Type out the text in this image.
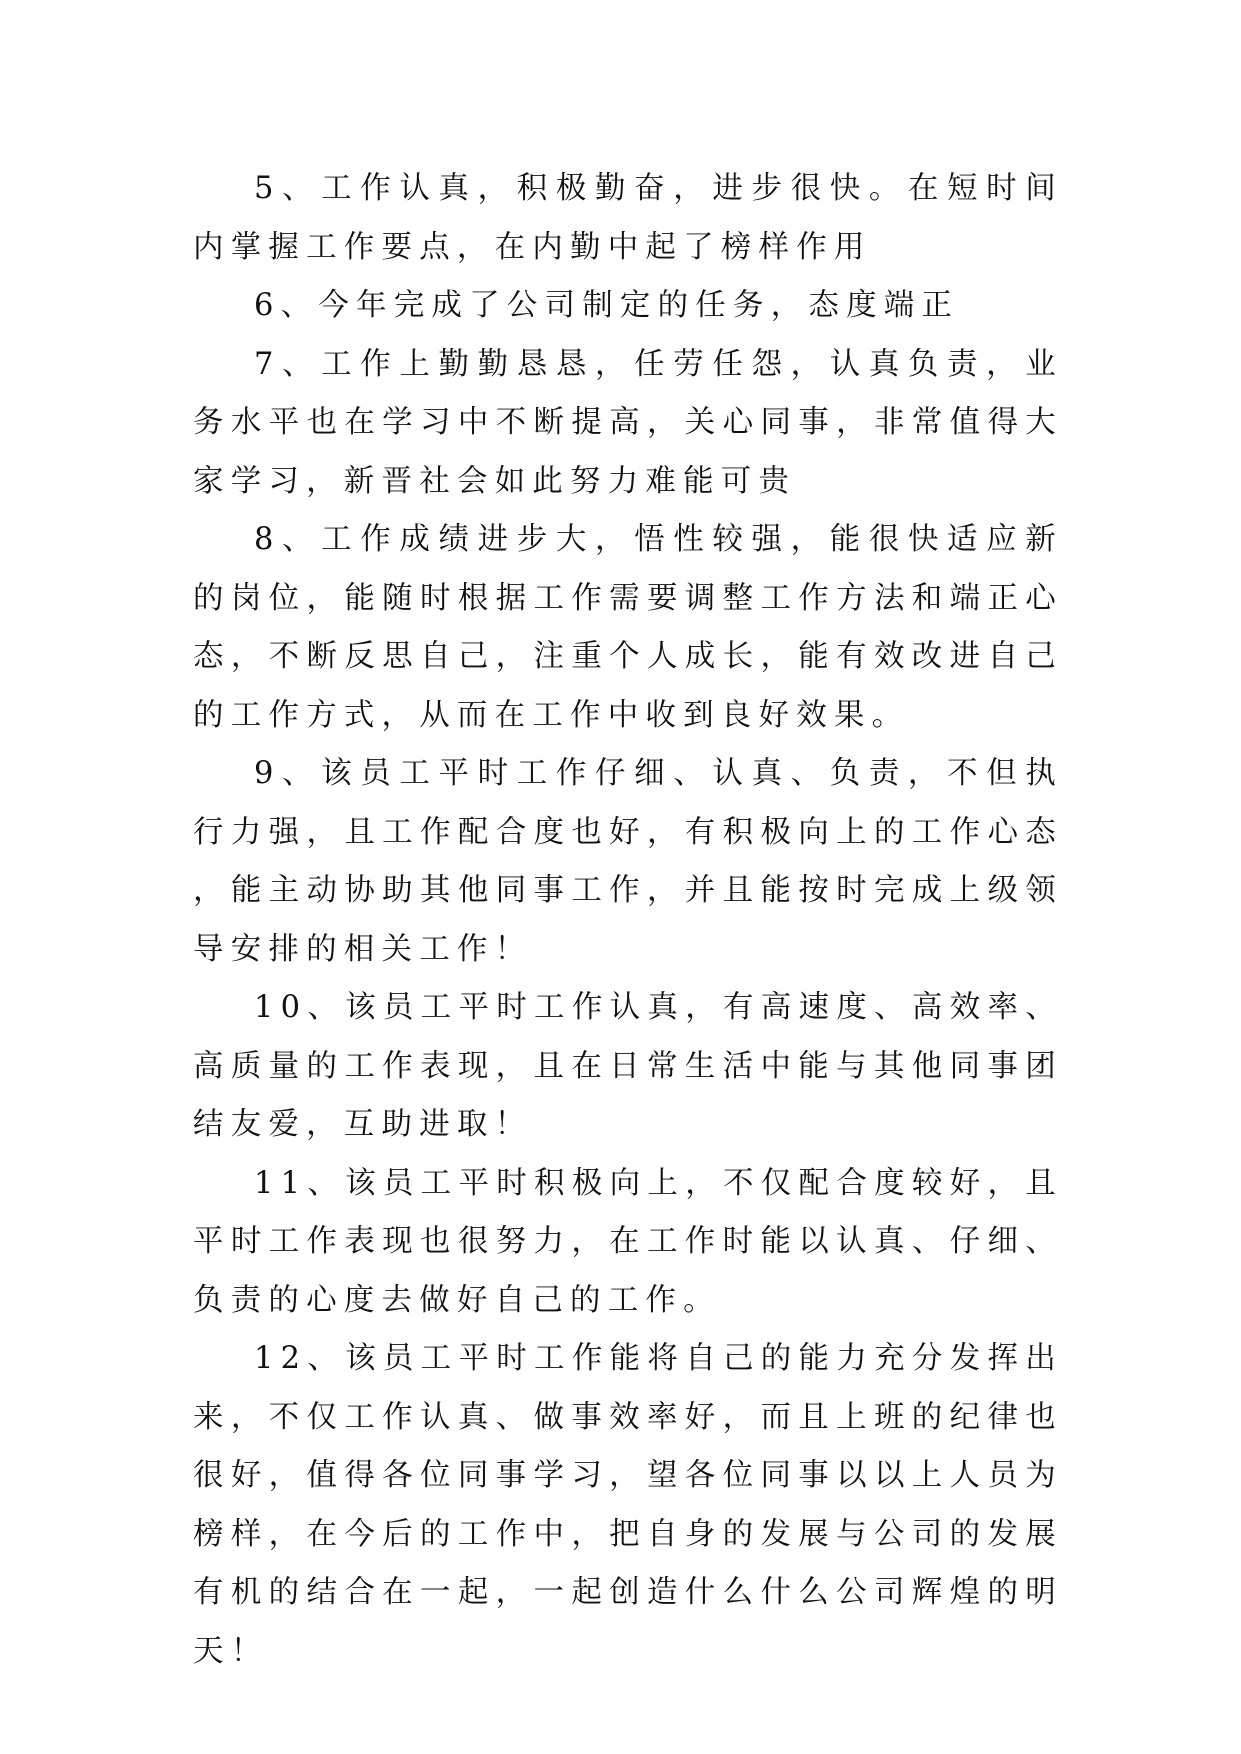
5、工作认真，积极勤奋，进步很快。在短时间内掌握工作要点，在内勤中起了榜样作用

6、今年完成了公司制定的任务，态度端正

7、工作上勤勤恳恳，任劳任怨，认真负责，业务水平也在学习中不断提高，关心同事，非常值得大家学习，新晋社会如此努力难能可贵

8、工作成绩进步大，悟性较强，能很快适应新的岗位，能随时根据工作需要调整工作方法和端正心态，不断反思自己，注重个人成长，能有效改进自己的工作方式，从而在工作中收到良好效果。

9、该员工平时工作仔细、认真、负责，不但执行力强，且工作配合度也好，有积极向上的工作心态，能主动协助其他同事工作，并且能按时完成上级领导安排的相关工作！

10、该员工平时工作认真，有高速度、高效率、高质量的工作表现，且在日常生活中能与其他同事团结友爱，互助进取！

11、该员工平时积极向上，不仅配合度较好，且平时工作表现也很努力，在工作时能以认真、仔细、负责的心度去做好自己的工作。

12、该员工平时工作能将自己的能力充分发挥出来，不仅工作认真、做事效率好，而且上班的纪律也很好，值得各位同事学习，望各位同事以以上人员为榜样，在今后的工作中，把自身的发展与公司的发展有机的结合在一起，一起创造什么什么公司辉煌的明天！
